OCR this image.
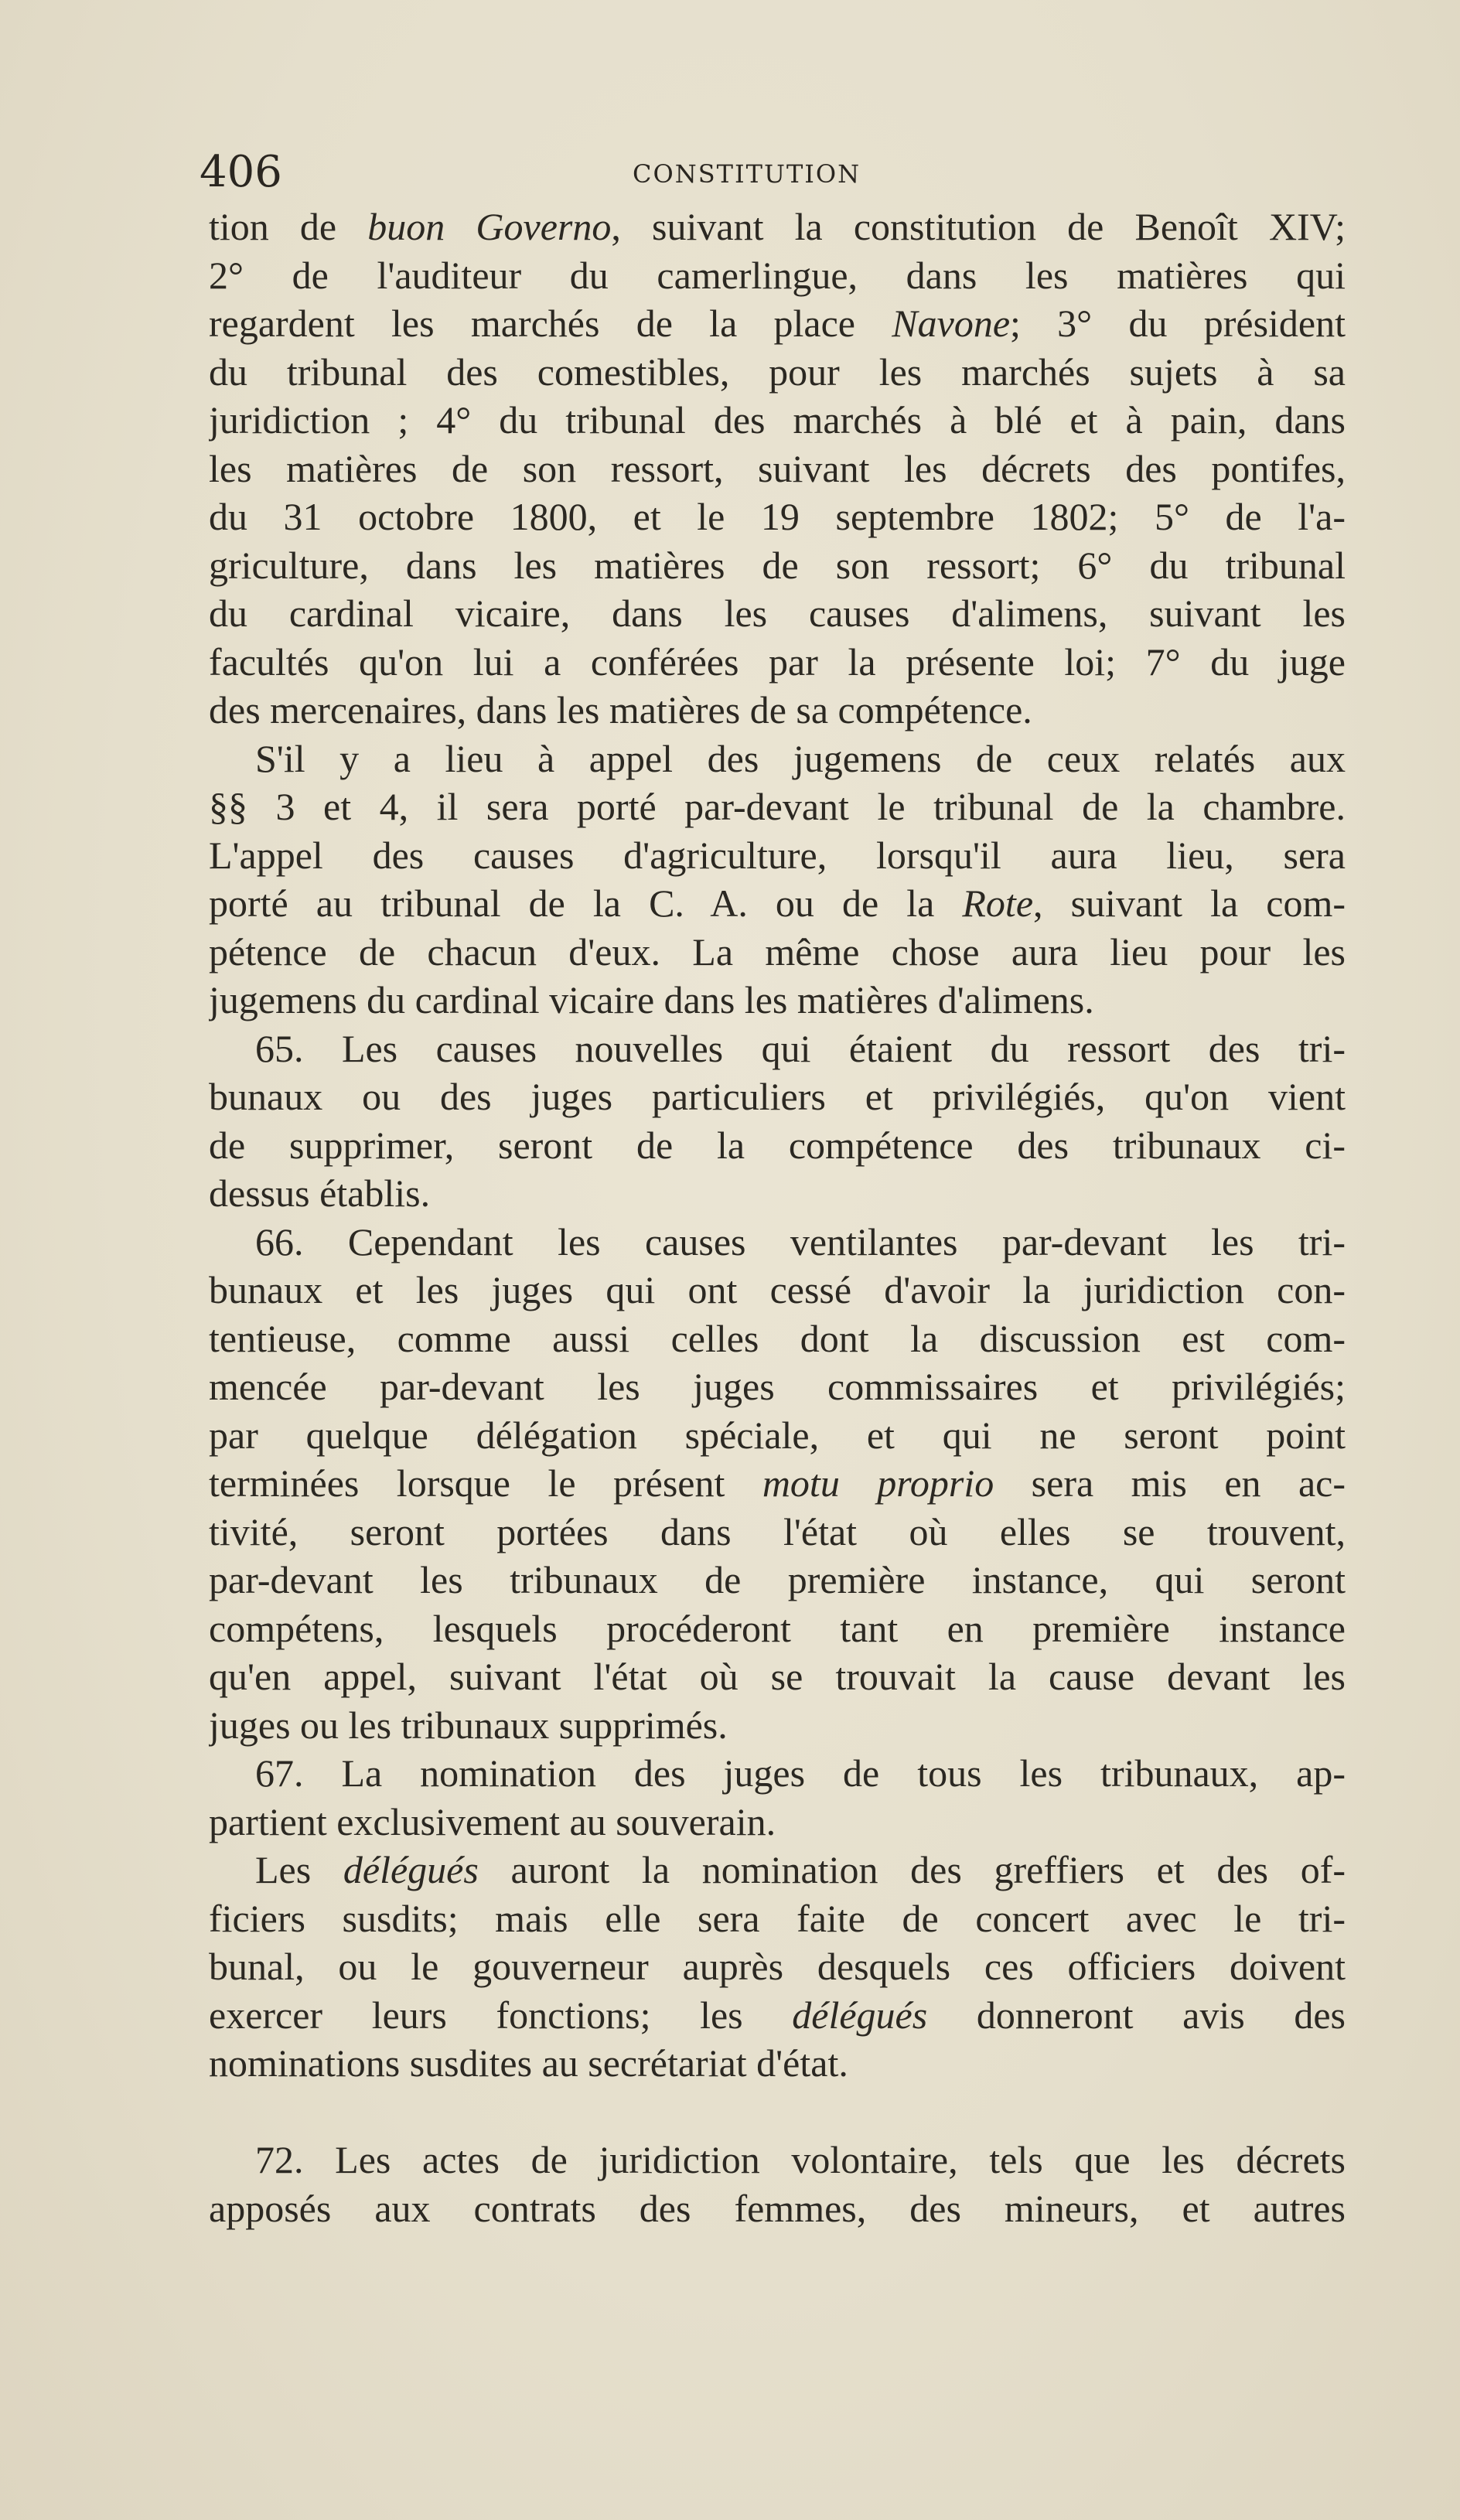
406	CONSTITUTION
tion de buon Governo, suivant la constitution de Benoît XIV;
2° de l'auditeur du camerlingue, dans les matières qui
regardent les marchés de la place Navone; 3° du président
du tribunal des comestibles, pour les marchés sujets à sa
juridiction ; 4° du tribunal des marchés à blé et à pain, dans
les matières de son ressort, suivant les décrets des pontifes,
du 31 octobre 1800, et le 19 septembre 1802; 5° de l'a-
griculture, dans les matières de son ressort; 6° du tribunal
du cardinal vicaire, dans les causes d'alimens, suivant les
facultés qu'on lui a conférées par la présente loi; 7° du juge
des mercenaires, dans les matières de sa compétence.
S'il y a lieu à appel des jugemens de ceux relatés aux
§§ 3 et 4, il sera porté par-devant le tribunal de la chambre.
L'appel des causes d'agriculture, lorsqu'il aura lieu, sera
porté au tribunal de la C. A. ou de la Rote, suivant la com-
pétence de chacun d'eux. La même chose aura lieu pour les
jugemens du cardinal vicaire dans les matières d'alimens.
65. Les causes nouvelles qui étaient du ressort des tri-
bunaux ou des juges particuliers et privilégiés, qu'on vient
de supprimer, seront de la compétence des tribunaux ci-
dessus établis.
66. Cependant les causes ventilantes par-devant les tri-
bunaux et les juges qui ont cessé d'avoir la juridiction con-
tentieuse, comme aussi celles dont la discussion est com-
mencée par-devant les juges commissaires et privilégiés;
par quelque délégation spéciale, et qui ne seront point
terminées lorsque le présent motu proprio sera mis en ac-
tivité, seront portées dans l'état où elles se trouvent,
par-devant les tribunaux de première instance, qui seront
compétens, lesquels procéderont tant en première instance
qu'en appel, suivant l'état où se trouvait la cause devant les
juges ou les tribunaux supprimés.
67. La nomination des juges de tous les tribunaux, ap-
partient exclusivement au souverain.
Les délégués auront la nomination des greffiers et des of-
ficiers susdits; mais elle sera faite de concert avec le tri-
bunal, ou le gouverneur auprès desquels ces officiers doivent
exercer leurs fonctions; les délégués donneront avis des
nominations susdites au secrétariat d'état.
72. Les actes de juridiction volontaire, tels que les décrets
apposés aux contrats des femmes, des mineurs, et autres
